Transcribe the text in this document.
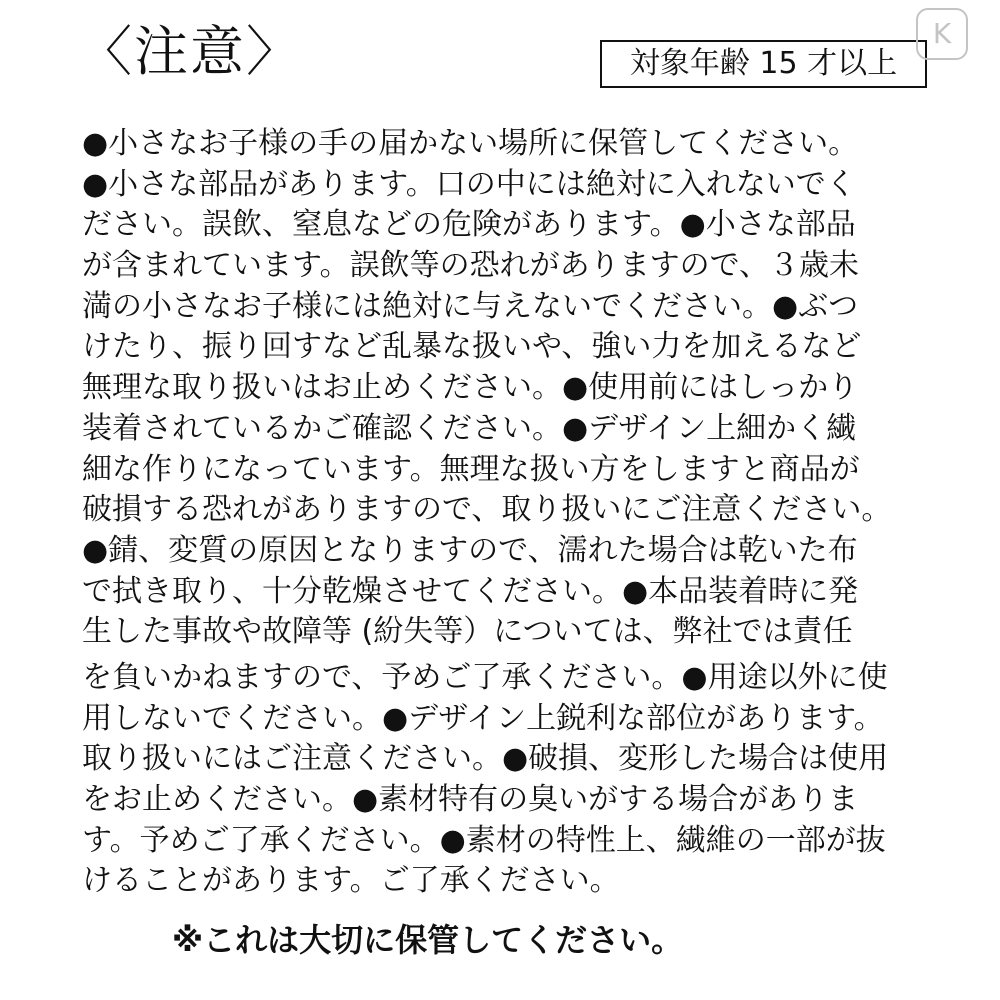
〈注意〉	対象年齢 15 才以上
K
●小さなお子様の手の届かない場所に保管してください。
●小さな部品があります。口の中には絶対に入れないでく
ださい。誤飲、窒息などの危険があります。●小さな部品
が含まれています。誤飲等の恐れがありますので、３歳未
満の小さなお子様には絶対に与えないでください。●ぶつ
けたり、振り回すなど乱暴な扱いや、強い力を加えるなど
無理な取り扱いはお止めください。●使用前にはしっかり
装着されているかご確認ください。●デザイン上細かく繊
細な作りになっています。無理な扱い方をしますと商品が
破損する恐れがありますので、取り扱いにご注意ください。
●錆、変質の原因となりますので、濡れた場合は乾いた布
で拭き取り、十分乾燥させてください。●本品装着時に発
生した事故や故障等 (紛失等）については、弊社では責任
を負いかねますので、予めご了承ください。●用途以外に使
用しないでください。●デザイン上鋭利な部位があります。
取り扱いにはご注意ください。●破損、変形した場合は使用
をお止めください。●素材特有の臭いがする場合がありま
す。予めご了承ください。●素材の特性上、繊維の一部が抜
けることがあります。ご了承ください。

※これは大切に保管してください。
